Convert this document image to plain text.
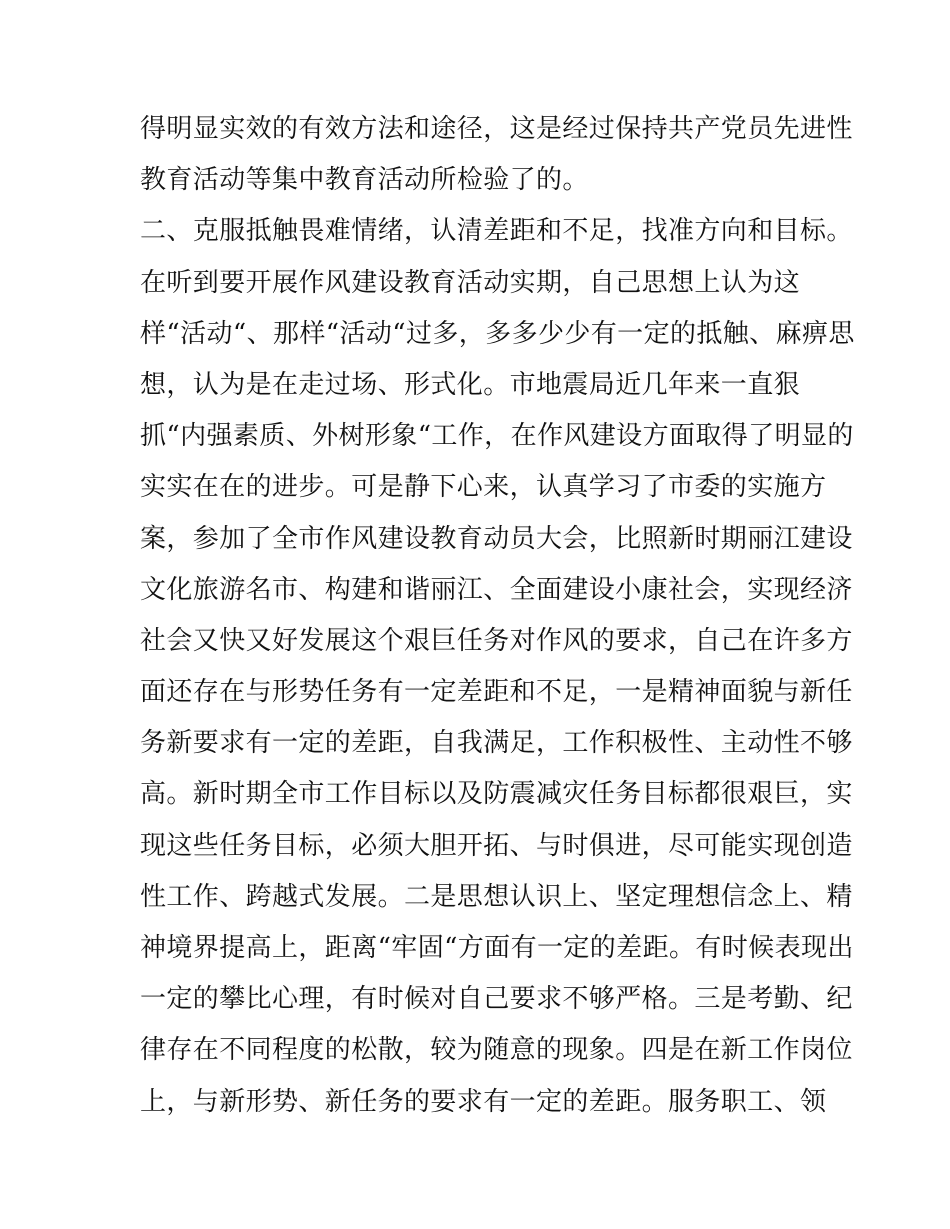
得明显实效的有效方法和途径，这是经过保持共产党员先进性
教育活动等集中教育活动所检验了的。
二、克服抵触畏难情绪，认清差距和不足，找准方向和目标。
在听到要开展作风建设教育活动实期，自己思想上认为这
样“活动“、那样“活动“过多，多多少少有一定的抵触、麻痹思
想，认为是在走过场、形式化。市地震局近几年来一直狠
抓“内强素质、外树形象“工作，在作风建设方面取得了明显的
实实在在的进步。可是静下心来，认真学习了市委的实施方
案，参加了全市作风建设教育动员大会，比照新时期丽江建设
文化旅游名市、构建和谐丽江、全面建设小康社会，实现经济
社会又快又好发展这个艰巨任务对作风的要求，自己在许多方
面还存在与形势任务有一定差距和不足，一是精神面貌与新任
务新要求有一定的差距，自我满足，工作积极性、主动性不够
高。新时期全市工作目标以及防震减灾任务目标都很艰巨，实
现这些任务目标，必须大胆开拓、与时俱进，尽可能实现创造
性工作、跨越式发展。二是思想认识上、坚定理想信念上、精
神境界提高上，距离“牢固“方面有一定的差距。有时候表现出
一定的攀比心理，有时候对自己要求不够严格。三是考勤、纪
律存在不同程度的松散，较为随意的现象。四是在新工作岗位
上，与新形势、新任务的要求有一定的差距。服务职工、领
